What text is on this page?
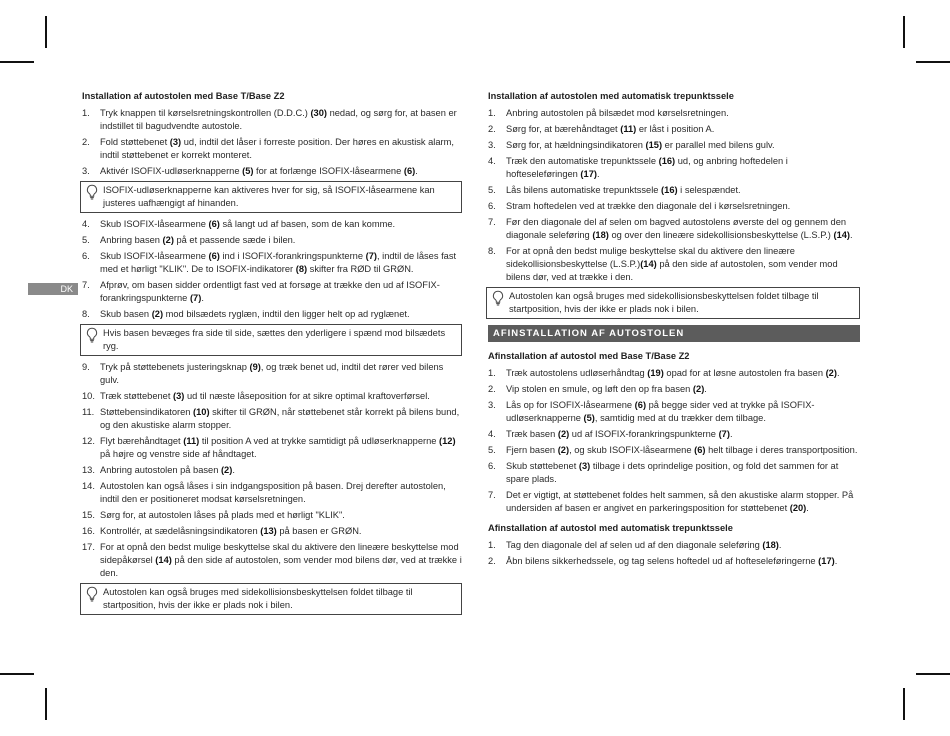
DK
Installation af autostolen med Base T/Base Z2
1.	Tryk knappen til kørselsretningskontrollen (D.D.C.) (30) nedad, og sørg for, at basen er indstillet til bagudvendte autostole.
2.	Fold støttebenet (3) ud, indtil det låser i forreste position. Der høres en akustisk alarm, indtil støttebenet er korrekt monteret.
3.	Aktivér ISOFIX-udløserknapperne (5) for at forlænge ISOFIX-låsearmene (6).
ISOFIX-udløserknapperne kan aktiveres hver for sig, så ISOFIX-låsearmene kan justeres uafhængigt af hinanden.
4.	Skub ISOFIX-låsearmene (6) så langt ud af basen, som de kan komme.
5.	Anbring basen (2) på et passende sæde i bilen.
6.	Skub ISOFIX-låsearmene (6) ind i ISOFIX-forankringspunkterne (7), indtil de låses fast med et hørligt "KLIK". De to ISOFIX-indikatorer (8) skifter fra RØD til GRØN.
7.	Afprøv, om basen sidder ordentligt fast ved at forsøge at trække den ud af ISOFIX-forankringspunkterne (7).
8.	Skub basen (2) mod bilsædets ryglæn, indtil den ligger helt op ad ryglænet.
Hvis basen bevæges fra side til side, sættes den yderligere i spænd mod bilsædets ryg.
9.	Tryk på støttebenets justeringsknap (9), og træk benet ud, indtil det rører ved bilens gulv.
10. Træk støttebenet (3) ud til næste låseposition for at sikre optimal kraftoverførsel.
11. Støttebensindikatoren (10) skifter til GRØN, når støttebenet står korrekt på bilens bund, og den akustiske alarm stopper.
12. Flyt bærehåndtaget (11) til position A ved at trykke samtidigt på udløserknapperne (12) på højre og venstre side af håndtaget.
13. Anbring autostolen på basen (2).
14. Autostolen kan også låses i sin indgangsposition på basen. Drej derefter autostolen, indtil den er positioneret modsat kørselsretningen.
15. Sørg for, at autostolen låses på plads med et hørligt "KLIK".
16. Kontrollér, at sædelåsningsindikatoren (13) på basen er GRØN.
17. For at opnå den bedst mulige beskyttelse skal du aktivere den lineære beskyttelse mod sidepåkørsel (14) på den side af autostolen, som vender mod bilens dør, ved at trække i den.
Autostolen kan også bruges med sidekollisionsbeskyttelsen foldet tilbage til startposition, hvis der ikke er plads nok i bilen.
Installation af autostolen med automatisk trepunktssele
1.	Anbring autostolen på bilsædet mod kørselsretningen.
2.	Sørg for, at bærehåndtaget (11) er låst i position A.
3.	Sørg for, at hældningsindikatoren (15) er parallel med bilens gulv.
4.	Træk den automatiske trepunktssele (16) ud, og anbring hoftedelen i hofteseleføringen (17).
5.	Lås bilens automatiske trepunktssele (16) i selespændet.
6.	Stram hoftedelen ved at trække den diagonale del i kørselsretningen.
7.	Før den diagonale del af selen om bagved autostolens øverste del og gennem den diagonale seleføring (18) og over den lineære sidekollisionsbeskyttelse (L.S.P.) (14).
8.	For at opnå den bedst mulige beskyttelse skal du aktivere den lineære sidekollisionsbeskyttelse (L.S.P.)(14) på den side af autostolen, som vender mod bilens dør, ved at trække i den.
Autostolen kan også bruges med sidekollisionsbeskyttelsen foldet tilbage til startposition, hvis der ikke er plads nok i bilen.
AFINSTALLATION AF AUTOSTOLEN
Afinstallation af autostol med Base T/Base Z2
1.	Træk autostolens udløserhåndtag (19) opad for at løsne autostolen fra basen (2).
2.	Vip stolen en smule, og løft den op fra basen (2).
3.	Lås op for ISOFIX-låsearmene (6) på begge sider ved at trykke på ISOFIX-udløserknapperne (5), samtidig med at du trækker dem tilbage.
4.	Træk basen (2) ud af ISOFIX-forankringspunkterne (7).
5.	Fjern basen (2), og skub ISOFIX-låsearmene (6) helt tilbage i deres transportposition.
6.	Skub støttebenet (3) tilbage i dets oprindelige position, og fold det sammen for at spare plads.
7.	Det er vigtigt, at støttebenet foldes helt sammen, så den akustiske alarm stopper. På undersiden af basen er angivet en parkeringsposition for støttebenet (20).
Afinstallation af autostol med automatisk trepunktssele
1.	Tag den diagonale del af selen ud af den diagonale seleføring (18).
2.	Åbn bilens sikkerhedssele, og tag selens hoftedel ud af hofteseleføringerne (17).
